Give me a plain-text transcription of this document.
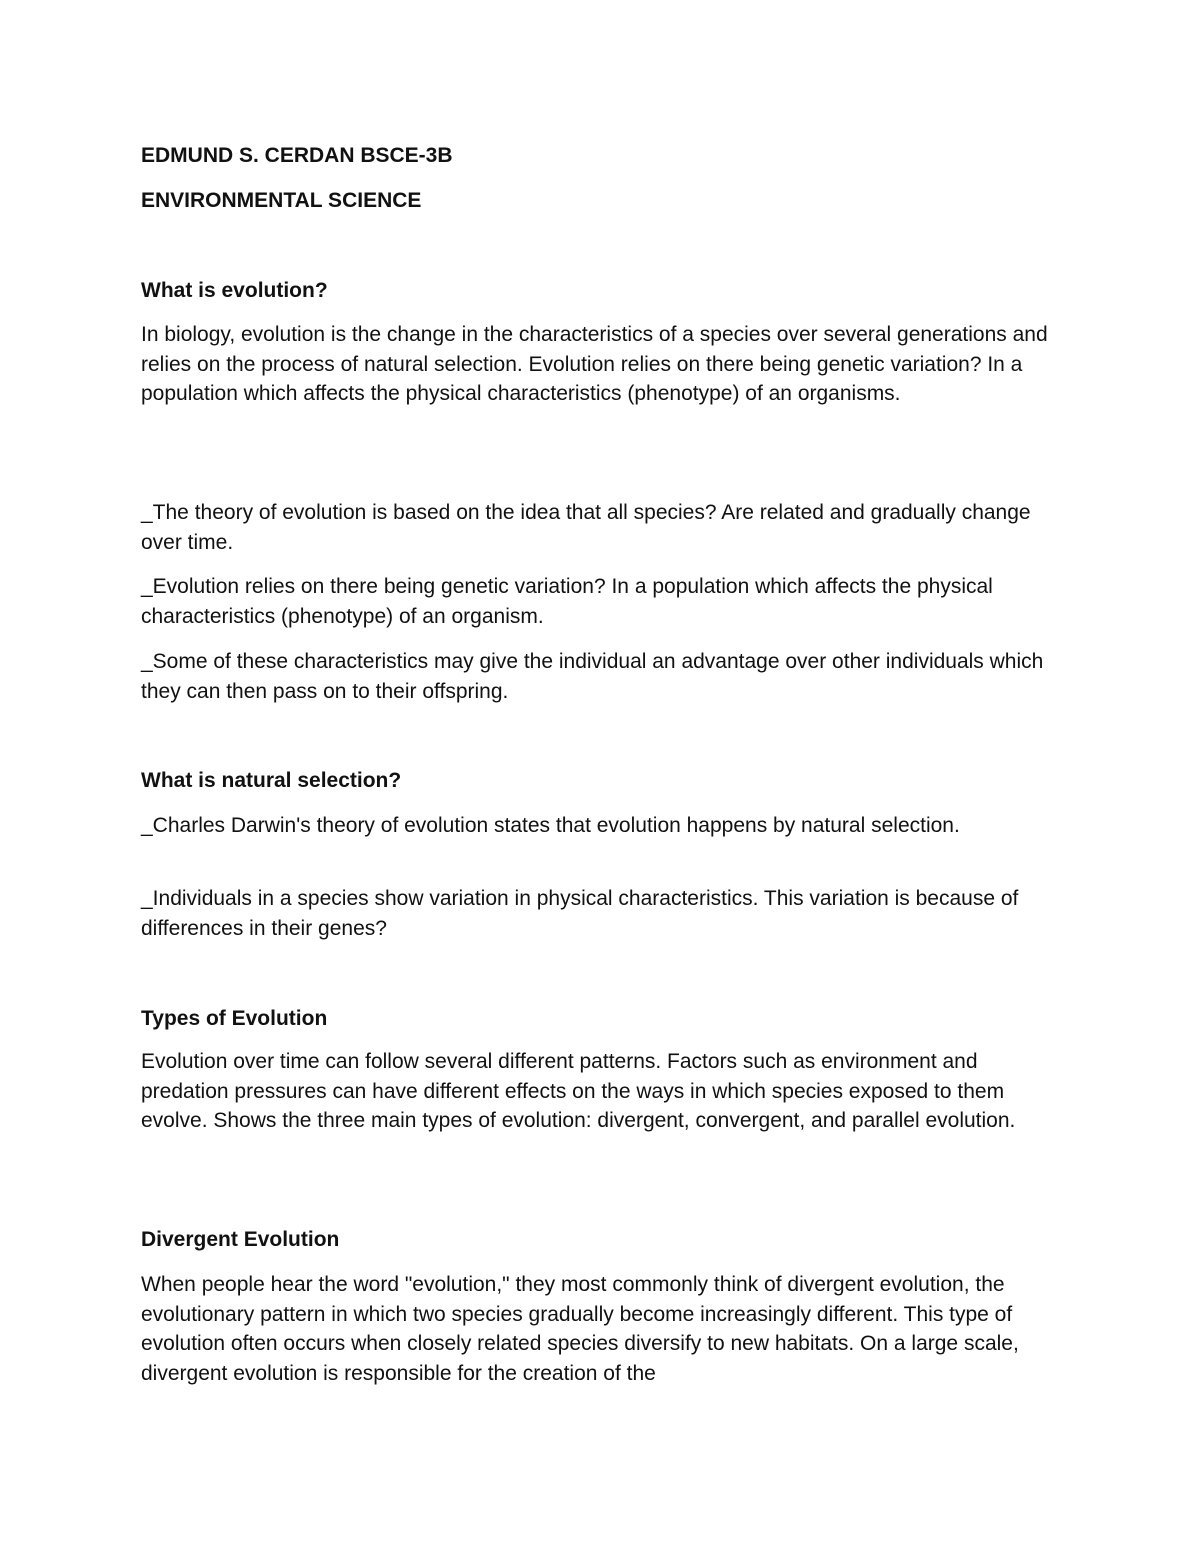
EDMUND S. CERDAN BSCE-3B

ENVIRONMENTAL SCIENCE

What is evolution?

In biology, evolution is the change in the characteristics of a species over several generations and relies on the process of natural selection. Evolution relies on there being genetic variation? In a population which affects the physical characteristics (phenotype) of an organisms.

_The theory of evolution is based on the idea that all species? Are related and gradually change over time.

_Evolution relies on there being genetic variation? In a population which affects the physical characteristics (phenotype) of an organism.

_Some of these characteristics may give the individual an advantage over other individuals which they can then pass on to their offspring.

What is natural selection?

_Charles Darwin's theory of evolution states that evolution happens by natural selection.

_Individuals in a species show variation in physical characteristics. This variation is because of differences in their genes?

Types of Evolution

Evolution over time can follow several different patterns. Factors such as environment and predation pressures can have different effects on the ways in which species exposed to them evolve. Shows the three main types of evolution: divergent, convergent, and parallel evolution.

Divergent Evolution

When people hear the word "evolution," they most commonly think of divergent evolution, the evolutionary pattern in which two species gradually become increasingly different. This type of evolution often occurs when closely related species diversify to new habitats. On a large scale, divergent evolution is responsible for the creation of the
